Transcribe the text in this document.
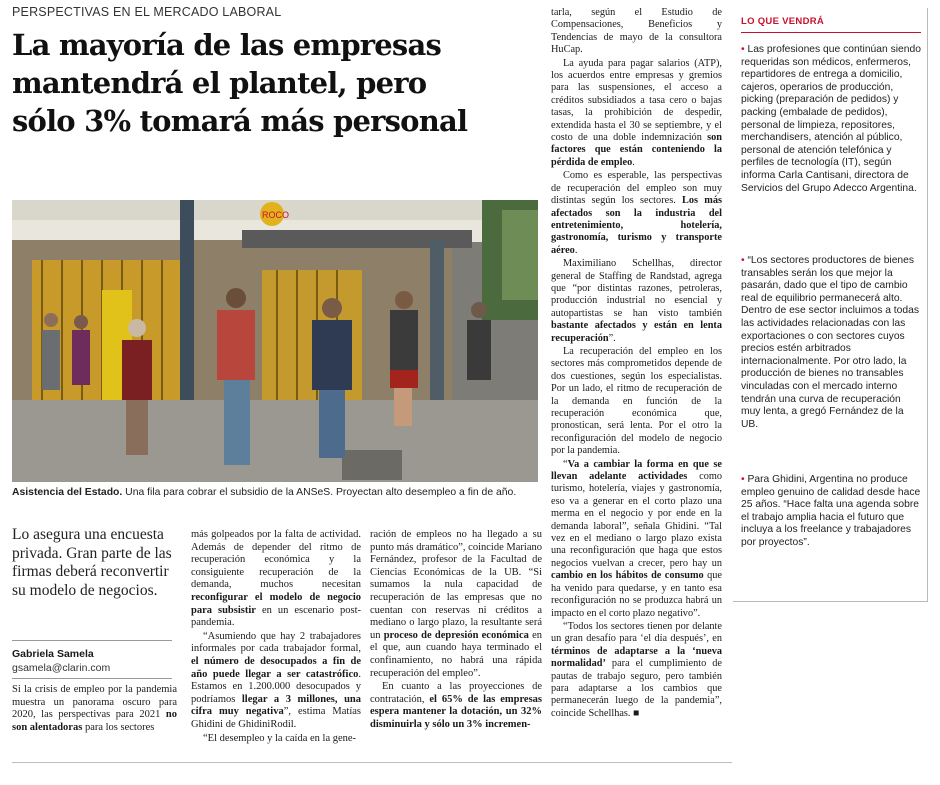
PERSPECTIVAS EN EL MERCADO LABORAL
La mayoría de las empresas
mantendrá el plantel, pero
sólo 3% tomará más personal
ROCO
Asistencia del Estado. Una fila para cobrar el subsidio de la ANSeS. Proyectan alto desempleo a fin de año.
Lo asegura una encuesta privada. Gran parte de las firmas deberá reconvertir su modelo de negocios.
Gabriela Samela
gsamela@clarin.com

Si la crisis de empleo por la pandemia muestra un panorama oscuro para 2020, las perspectivas para 2021 no son alentadoras para los sectores

más golpeados por la falta de actividad. Además de depender del ritmo de recuperación económica y la consiguiente recuperación de la demanda, muchos necesitan reconfigurar el modelo de negocio para subsistir en un escenario post-pandemia.

“Asumiendo que hay 2 trabajadores informales por cada trabajador formal, el número de desocupados a fin de año puede llegar a ser catastrófico. Estamos en 1.200.000 desocupados y podríamos llegar a 3 millones, una cifra muy negativa”, estima Matías Ghidini de GhidiniRodil.

“El desempleo y la caída en la gene-

ración de empleos no ha llegado a su punto más dramático”, coincide Mariano Fernández, profesor de la Facultad de Ciencias Económicas de la UB. “Si sumamos la nula capacidad de recuperación de las empresas que no cuentan con reservas ni créditos a mediano o largo plazo, la resultante será un proceso de depresión económica en el que, aun cuando haya terminado el confinamiento, no habrá una rápida recuperación del empleo”.

En cuanto a las proyecciones de contratación, el 65% de las empresas espera mantener la dotación, un 32% disminuirla y sólo un 3% incremen-

tarla, según el Estudio de Compensaciones, Beneficios y Tendencias de mayo de la consultora HuCap.

La ayuda para pagar salarios (ATP), los acuerdos entre empresas y gremios para las suspensiones, el acceso a créditos subsidiados a tasa cero o bajas tasas, la prohibición de despedir, extendida hasta el 30 se septiembre, y el costo de una doble indemnización son factores que están conteniendo la pérdida de empleo.

Como es esperable, las perspectivas de recuperación del empleo son muy distintas según los sectores. Los más afectados son la industria del entretenimiento, hotelería, gastronomía, turismo y transporte aéreo.

Maximiliano Schellhas, director general de Staffing de Randstad, agrega que “por distintas razones, petroleras, producción industrial no esencial y autopartistas se han visto también bastante afectados y están en lenta recuperación”.

La recuperación del empleo en los sectores más comprometidos depende de dos cuestiones, según los especialistas. Por un lado, el ritmo de recuperación de la demanda en función de la recuperación económica que, pronostican, será lenta. Por el otro la reconfiguración del modelo de negocio por la pandemia.

“Va a cambiar la forma en que se llevan adelante actividades como turismo, hotelería, viajes y gastronomía, eso va a generar en el corto plazo una merma en el negocio y por ende en la demanda laboral”, señala Ghidini. “Tal vez en el mediano o largo plazo exista una reconfiguración que haga que estos negocios vuelvan a crecer, pero hay un cambio en los hábitos de consumo que ha venido para quedarse, y en tanto esa reconfiguración no se produzca habrá un impacto en el corto plazo negativo”.

“Todos los sectores tienen por delante un gran desafío para ‘el día después’, en términos de adaptarse a la ‘nueva normalidad’ para el cumplimiento de pautas de trabajo seguro, pero también para adaptarse a los cambios que permanecerán luego de la pandemia”, coincide Schellhas. ■

LO QUE VENDRÁ
• Las profesiones que continúan siendo requeridas son médicos, enfermeros, repartidores de entrega a domicilio, cajeros, operarios de producción, picking (preparación de pedidos) y packing (embalade de pedidos), personal de limpieza, repositores, merchandisers, atención al público, personal de atención telefónica y perfiles de tecnología (IT), según informa Carla Cantisani, directora de Servicios del Grupo Adecco Argentina.
• “Los sectores productores de bienes transables serán los que mejor la pasarán, dado que el tipo de cambio real de equilibrio permanecerá alto. Dentro de ese sector incluimos a todas las actividades relacionadas con las exportaciones o con sectores cuyos precios estén arbitrados internacionalmente. Por otro lado, la producción de bienes no transables vinculadas con el mercado interno tendrán una curva de recuperación muy lenta, a gregó Fernández de la UB.
• Para Ghidini, Argentina no produce empleo genuino de calidad desde hace 25 años. “Hace falta una agenda sobre el trabajo amplia hacia el futuro que incluya a los freelance y trabajadores por proyectos”.
